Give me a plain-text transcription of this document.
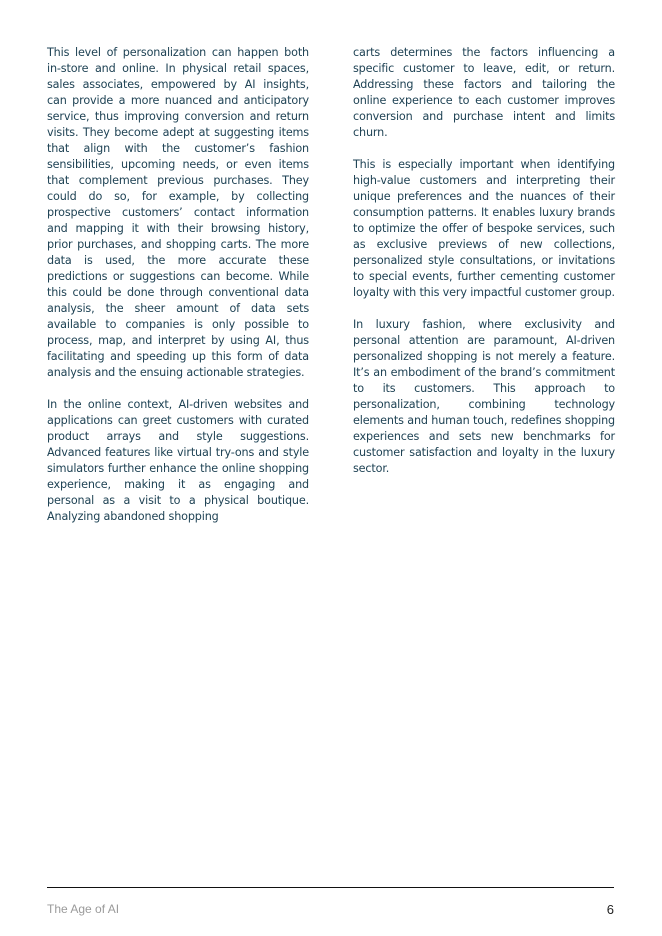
This level of personalization can happen both in-store and online. In physical retail spaces, sales associates, empowered by AI insights, can provide a more nuanced and anticipatory service, thus improving conversion and return visits. They become adept at suggesting items that align with the customer’s fashion sensibilities, upcoming needs, or even items that complement previous purchases. They could do so, for example, by collecting prospective customers’ contact information and mapping it with their browsing history, prior purchases, and shopping carts. The more data is used, the more accurate these predictions or suggestions can become. While this could be done through conventional data analysis, the sheer amount of data sets available to companies is only possible to process, map, and interpret by using AI, thus facilitating and speeding up this form of data analysis and the ensuing actionable strategies.

In the online context, AI-driven websites and applications can greet customers with curated product arrays and style suggestions. Advanced features like virtual try-ons and style simulators further enhance the online shopping experience, making it as engaging and personal as a visit to a physical boutique. Analyzing abandoned shopping

carts determines the factors influencing a specific customer to leave, edit, or return. Addressing these factors and tailoring the online experience to each customer improves conversion and purchase intent and limits churn.

This is especially important when identifying high-value customers and interpreting their unique preferences and the nuances of their consumption patterns. It enables luxury brands to optimize the offer of bespoke services, such as exclusive previews of new collections, personalized style consultations, or invitations to special events, further cementing customer loyalty with this very impactful customer group.

In luxury fashion, where exclusivity and personal attention are paramount, AI-driven personalized shopping is not merely a feature. It’s an embodiment of the brand’s commitment to its customers. This approach to personalization, combining technology elements and human touch, redefines shopping experiences and sets new benchmarks for customer satisfaction and loyalty in the luxury sector.

The Age of AI	6
